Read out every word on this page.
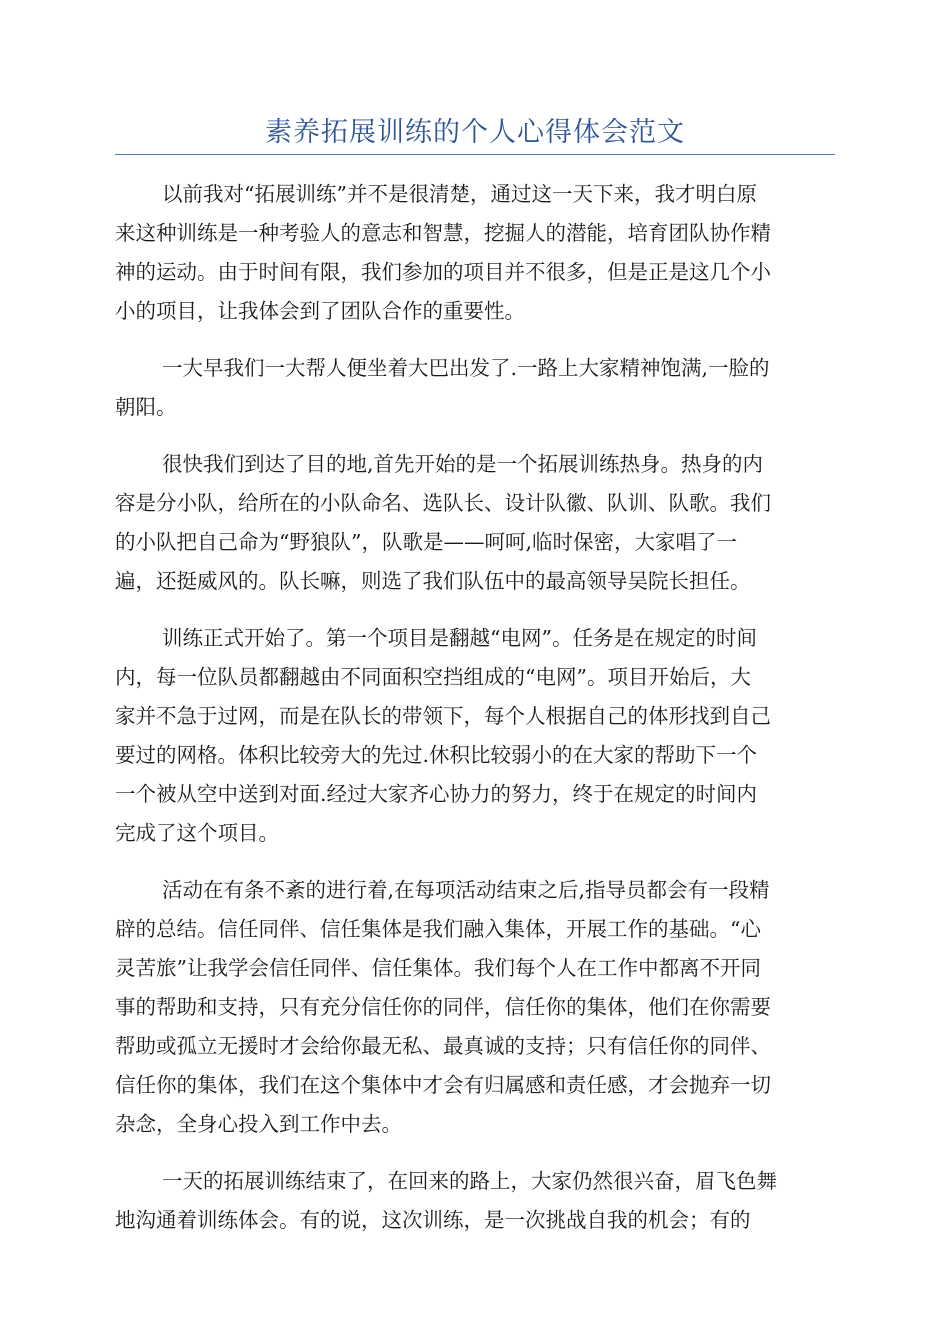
素养拓展训练的个人心得体会范文

以前我对“拓展训练”并不是很清楚，通过这一天下来，我才明白原
来这种训练是一种考验人的意志和智慧，挖掘人的潜能，培育团队协作精
神的运动。由于时间有限，我们参加的项目并不很多，但是正是这几个小
小的项目，让我体会到了团队合作的重要性。

一大早我们一大帮人便坐着大巴出发了.一路上大家精神饱满,一脸的
朝阳。

很快我们到达了目的地,首先开始的是一个拓展训练热身。热身的内
容是分小队，给所在的小队命名、选队长、设计队徽、队训、队歌。我们
的小队把自己命为“野狼队”，队歌是——呵呵,临时保密，大家唱了一
遍，还挺威风的。队长嘛，则选了我们队伍中的最高领导吴院长担任。

训练正式开始了。第一个项目是翻越“电网”。任务是在规定的时间
内，每一位队员都翻越由不同面积空挡组成的“电网”。项目开始后，大
家并不急于过网，而是在队长的带领下，每个人根据自己的体形找到自己
要过的网格。体积比较旁大的先过.休积比较弱小的在大家的帮助下一个
一个被从空中送到对面.经过大家齐心协力的努力，终于在规定的时间内
完成了这个项目。

活动在有条不紊的进行着,在每项活动结束之后,指导员都会有一段精
辟的总结。信任同伴、信任集体是我们融入集体，开展工作的基础。“心
灵苦旅”让我学会信任同伴、信任集体。我们每个人在工作中都离不开同
事的帮助和支持，只有充分信任你的同伴，信任你的集体，他们在你需要
帮助或孤立无援时才会给你最无私、最真诚的支持；只有信任你的同伴、
信任你的集体，我们在这个集体中才会有归属感和责任感，才会抛弃一切
杂念，全身心投入到工作中去。

一天的拓展训练结束了，在回来的路上，大家仍然很兴奋，眉飞色舞
地沟通着训练体会。有的说，这次训练，是一次挑战自我的机会；有的
